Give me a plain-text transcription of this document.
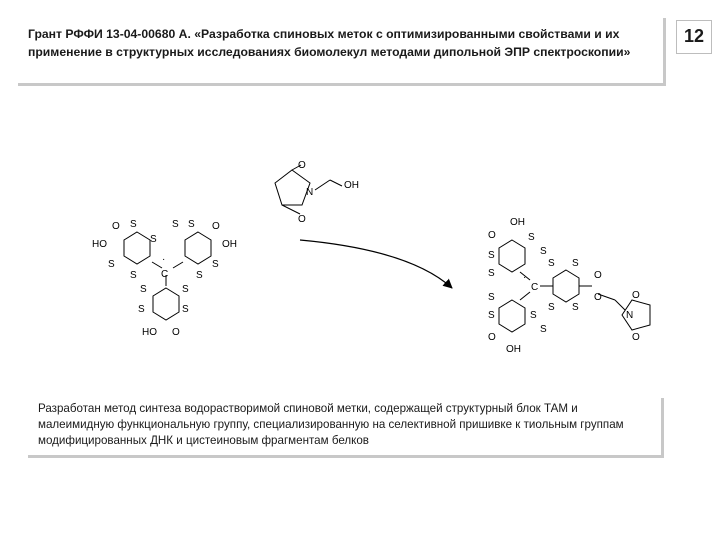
Грант РФФИ 13-04-00680 А. «Разработка спиновых меток с оптимизированными свойствами и их применение в структурных исследованиях биомолекул методами дипольной ЭПР спектроскопии»
12
O
N
OH
O
C
·
O
HO
O
OH
HO O
S
S
S S
S
S	S
S
S
S
S
S
C
·
OH
O
O
OH
O
O
N
O
O
S
S
S
S
S S
S S
S
S	S
S
Разработан метод синтеза водорастворимой спиновой метки, содержащей структурный блок ТАМ и малеимидную функциональную группу, специализированную на селективной пришивке к тиольным группам модифицированных ДНК и цистеиновым фрагментам белков
